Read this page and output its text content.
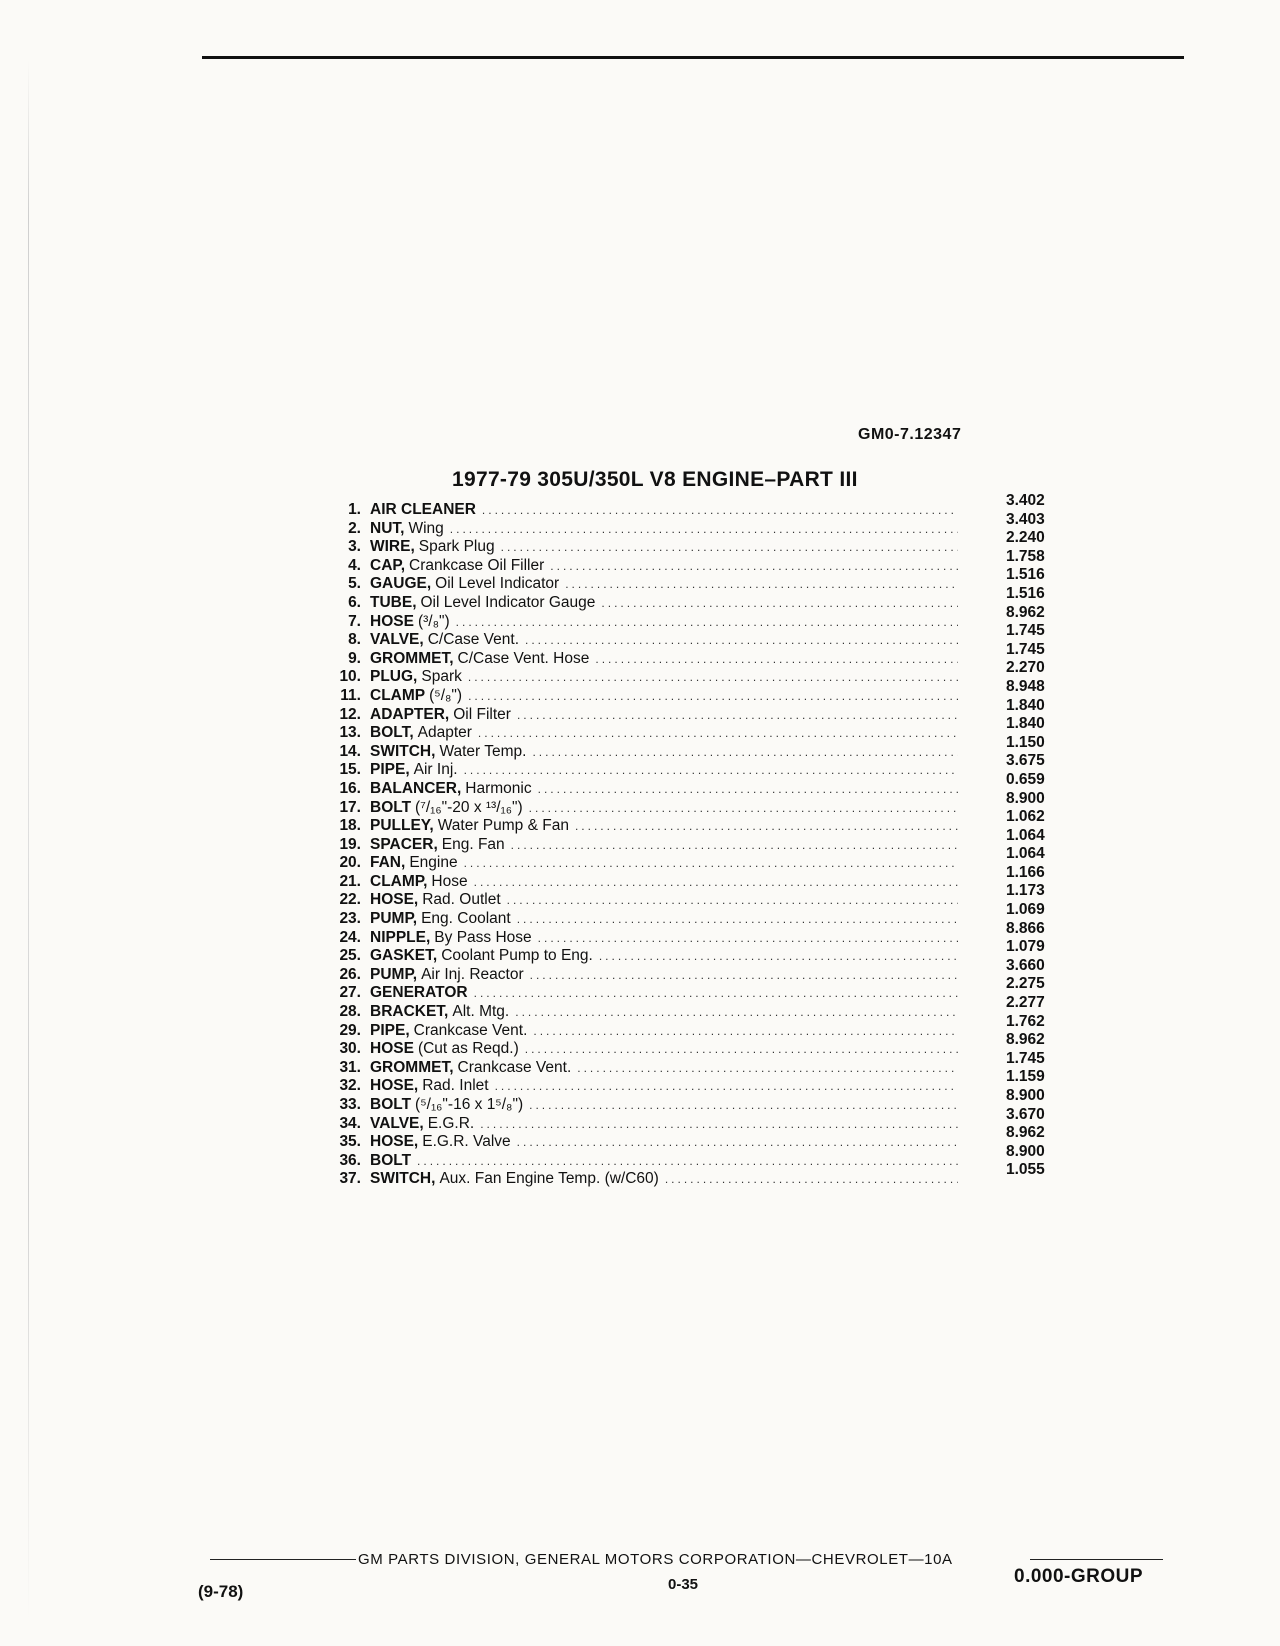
GM0-7.12347
1977-79 305U/350L V8 ENGINE–PART III
1. AIR CLEANER
.....
2. NUT, Wing
.....
3. WIRE, Spark Plug
.....
4. CAP, Crankcase Oil Filler
.....
5. GAUGE, Oil Level Indicator
.....
6. TUBE, Oil Level Indicator Gauge
.....
7. HOSE (³/₈")
.....
8. VALVE, C/Case Vent.
.....
9. GROMMET, C/Case Vent. Hose
.....
10. PLUG, Spark
.....
11. CLAMP (⁵/₈")
.....
12. ADAPTER, Oil Filter
.....
13. BOLT, Adapter
.....
14. SWITCH, Water Temp.
.....
15. PIPE, Air Inj.
.....
16. BALANCER, Harmonic
.....
17. BOLT (⁷/₁₆"-20 x ¹³/₁₆")
.....
18. PULLEY, Water Pump & Fan
.....
19. SPACER, Eng. Fan
.....
20. FAN, Engine
.....
21. CLAMP, Hose
.....
22. HOSE, Rad. Outlet
.....
23. PUMP, Eng. Coolant
.....
24. NIPPLE, By Pass Hose
.....
25. GASKET, Coolant Pump to Eng.
.....
26. PUMP, Air Inj. Reactor
.....
27. GENERATOR
.....
28. BRACKET, Alt. Mtg.
.....
29. PIPE, Crankcase Vent.
.....
30. HOSE (Cut as Reqd.)
.....
31. GROMMET, Crankcase Vent.
.....
32. HOSE, Rad. Inlet
.....
33. BOLT (⁵/₁₆"-16 x 1⁵/₈")
.....
34. VALVE, E.G.R.
.....
35. HOSE, E.G.R. Valve
.....
36. BOLT
.....
37. SWITCH, Aux. Fan Engine Temp. (w/C60)
.....
3.402
3.403
2.240
1.758
1.516
1.516
8.962
1.745
1.745
2.270
8.948
1.840
1.840
1.150
3.675
0.659
8.900
1.062
1.064
1.064
1.166
1.173
1.069
8.866
1.079
3.660
2.275
2.277
1.762
8.962
1.745
1.159
8.900
3.670
8.962
8.900
1.055
GM PARTS DIVISION, GENERAL MOTORS CORPORATION—CHEVROLET—10A
(9-78)	0-35	0.000-GROUP
